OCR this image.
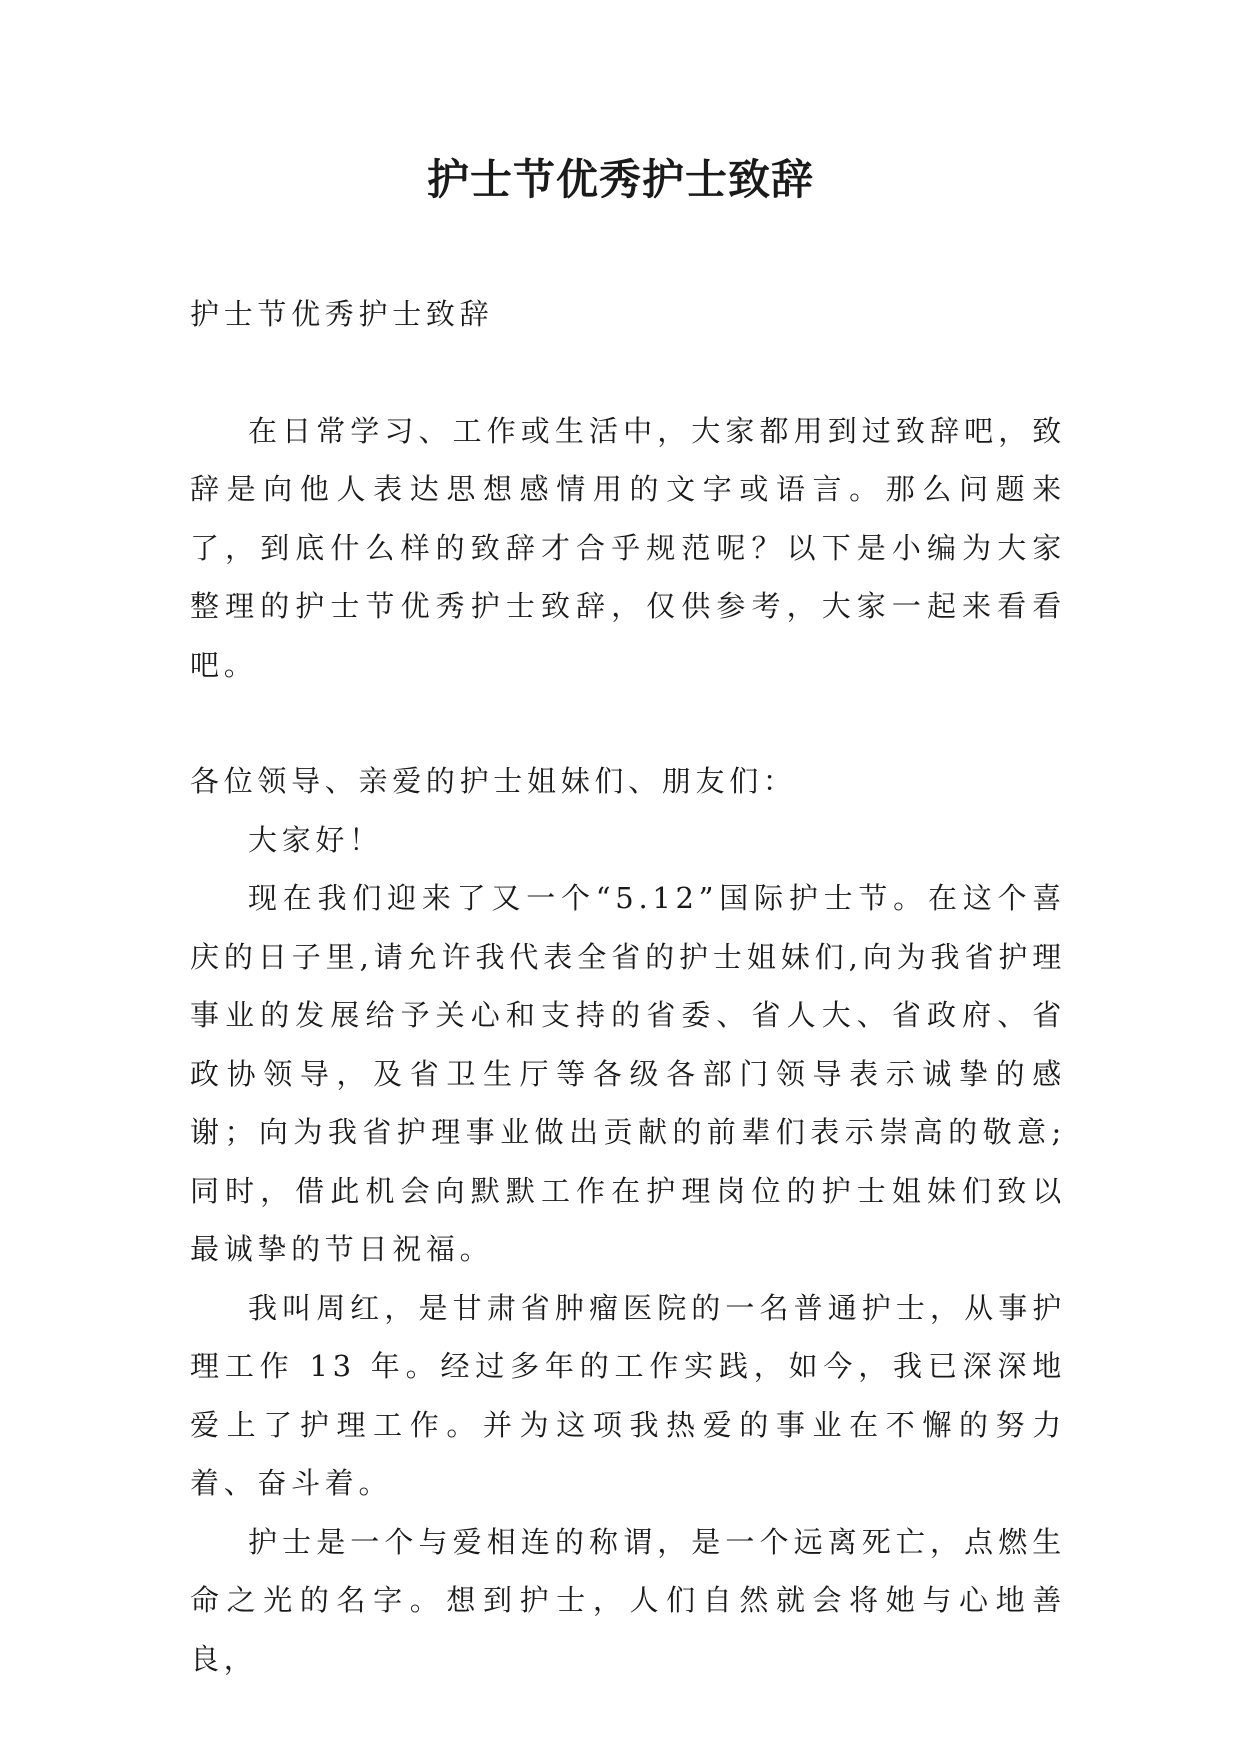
护士节优秀护士致辞

护士节优秀护士致辞

在日常学习、工作或生活中，大家都用到过致辞吧，致辞是向他人表达思想感情用的文字或语言。那么问题来了，到底什么样的致辞才合乎规范呢？以下是小编为大家整理的护士节优秀护士致辞，仅供参考，大家一起来看看吧。

各位领导、亲爱的护士姐妹们、朋友们：

大家好！

现在我们迎来了又一个“5.12”国际护士节。在这个喜庆的日子里,请允许我代表全省的护士姐妹们,向为我省护理事业的发展给予关心和支持的省委、省人大、省政府、省政协领导，及省卫生厅等各级各部门领导表示诚挚的感谢；向为我省护理事业做出贡献的前辈们表示崇高的敬意;同时，借此机会向默默工作在护理岗位的护士姐妹们致以最诚挚的节日祝福。

我叫周红，是甘肃省肿瘤医院的一名普通护士，从事护理工作 13 年。经过多年的工作实践，如今，我已深深地爱上了护理工作。并为这项我热爱的事业在不懈的努力着、奋斗着。

护士是一个与爱相连的称谓，是一个远离死亡，点燃生命之光的名字。想到护士，人们自然就会将她与心地善良，
